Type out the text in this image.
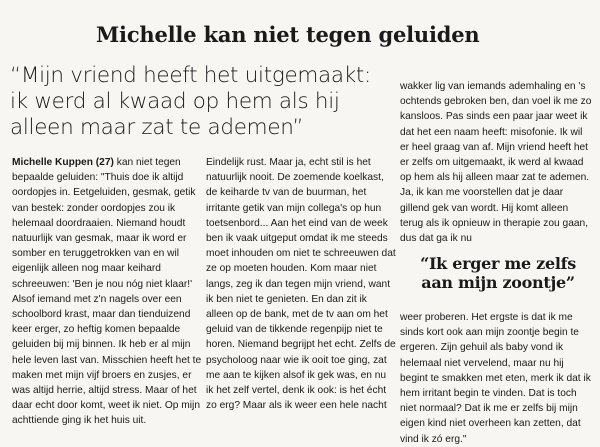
Michelle kan niet tegen geluiden
“Mijn vriend heeft het uitgemaakt: ik werd al kwaad op hem als hij alleen maar zat te ademen”

Michelle Kuppen (27) kan niet tegen bepaalde geluiden: "Thuis doe ik altijd oordopjes in. Eetgeluiden, gesmak, getik van bestek: zonder oordopjes zou ik helemaal doordraaien. Niemand houdt natuurlijk van gesmak, maar ik word er somber en teruggetrokken van en wil eigenlijk alleen nog maar keihard schreeuwen: 'Ben je nou nóg niet klaar!' Alsof iemand met z'n nagels over een schoolbord krast, maar dan tienduizend keer erger, zo heftig komen bepaalde geluiden bij mij binnen. Ik heb er al mijn hele leven last van. Misschien heeft het te maken met mijn vijf broers en zusjes, er was altijd herrie, altijd stress. Maar of het daar echt door komt, weet ik niet. Op mijn achttiende ging ik het huis uit.

Eindelijk rust. Maar ja, echt stil is het natuurlijk nooit. De zoemende koelkast, de keiharde tv van de buurman, het irritante getik van mijn collega's op hun toetsenbord... Aan het eind van de week ben ik vaak uitgeput omdat ik me steeds moet inhouden om niet te schreeuwen dat ze op moeten houden. Kom maar niet langs, zeg ik dan tegen mijn vriend, want ik ben niet te genieten. En dan zit ik alleen op de bank, met de tv aan om het geluid van de tikkende regenpijp niet te horen. Niemand begrijpt het echt. Zelfs de psycholoog naar wie ik ooit toe ging, zat me aan te kijken alsof ik gek was, en nu ik het zelf vertel, denk ik ook: is het écht zo erg? Maar als ik weer een hele nacht

wakker lig van iemands ademhaling en 's ochtends gebroken ben, dan voel ik me zo kansloos. Pas sinds een paar jaar weet ik dat het een naam heeft: misofonie. Ik wil er heel graag van af. Mijn vriend heeft het er zelfs om uitgemaakt, ik werd al kwaad op hem als hij alleen maar zat te ademen. Ja, ik kan me voorstellen dat je daar gillend gek van wordt. Hij komt alleen terug als ik opnieuw in therapie zou gaan, dus dat ga ik nu

“Ik erger me zelfs aan mijn zoontje”

weer proberen. Het ergste is dat ik me sinds kort ook aan mijn zoontje begin te ergeren. Zijn gehuil als baby vond ik helemaal niet vervelend, maar nu hij begint te smakken met eten, merk ik dat ik hem irritant begin te vinden. Dat is toch niet normaal? Dat ik me er zelfs bij mijn eigen kind niet overheen kan zetten, dat vind ik zó erg."
